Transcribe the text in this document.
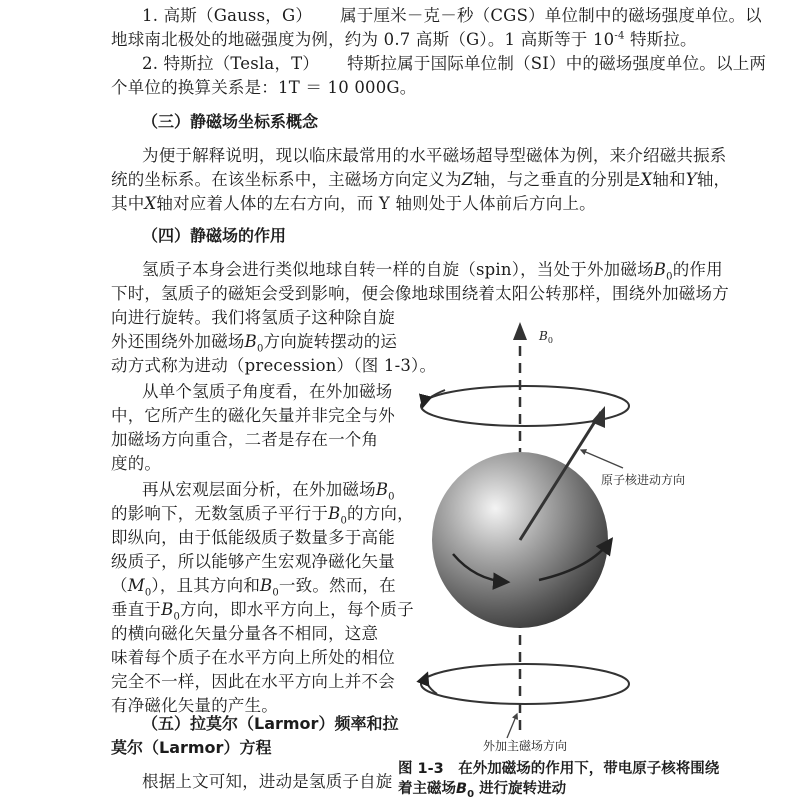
1. 高斯（Gauss，G） 属于厘米－克－秒（CGS）单位制中的磁场强度单位。以
地球南北极处的地磁强度为例，约为 0.7 高斯（G）。1 高斯等于 $10^{-4}$ 特斯拉。
2. 特斯拉（Tesla，T） 特斯拉属于国际单位制（SI）中的磁场强度单位。以上两
个单位的换算关系是：1T ＝ 10 000G。
（三）静磁场坐标系概念
为便于解释说明，现以临床最常用的水平磁场超导型磁体为例，来介绍磁共振系
统的坐标系。在该坐标系中，主磁场方向定义为Z轴，与之垂直的分别是X轴和Y轴，
其中X轴对应着人体的左右方向，而 Y 轴则处于人体前后方向上。
（四）静磁场的作用
氢质子本身会进行类似地球自转一样的自旋（spin），当处于外加磁场$B_0$的作用
下时，氢质子的磁矩会受到影响，便会像地球围绕着太阳公转那样，围绕外加磁场方
向进行旋转。我们将氢质子这种除自旋
外还围绕外加磁场$B_0$方向旋转摆动的运
动方式称为进动（precession）（图 1-3）。
从单个氢质子角度看，在外加磁场
中，它所产生的磁化矢量并非完全与外
加磁场方向重合，二者是存在一个角
度的。
再从宏观层面分析，在外加磁场$B_0$
的影响下，无数氢质子平行于$B_0$的方向，
即纵向，由于低能级质子数量多于高能
级质子，所以能够产生宏观净磁化矢量
$(M_0)$，且其方向和$B_0$一致。然而，在
垂直于$B_0$方向，即水平方向上，每个质子
的横向磁化矢量分量各不相同，这意
味着每个质子在水平方向上所处的相位
完全不一样，因此在水平方向上并不会
有净磁化矢量的产生。
（五）拉莫尔（Larmor）频率和拉
莫尔（Larmor）方程
根据上文可知，进动是氢质子自旋
$B_0$
原子核进动方向
外加主磁场方向
图 1-3　在外加磁场的作用下，带电原子核将围绕
着主磁场$B_0$ 进行旋转进动
